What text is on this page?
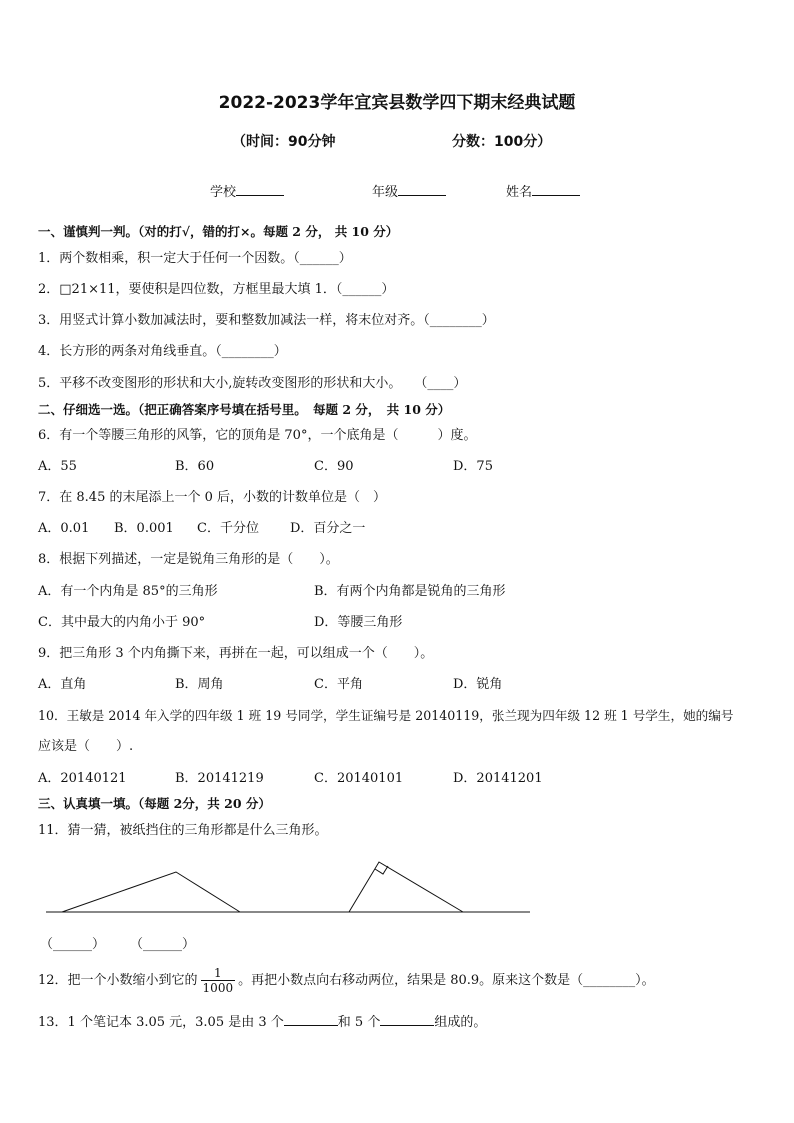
2022-2023学年宜宾县数学四下期末经典试题
（时间：90分钟	分数：100分）
学校	年级	姓名
一、谨慎判一判。（对的打√，错的打×。每题 2 分， 共 10 分）
1．两个数相乘，积一定大于任何一个因数。（______）
2．□21×11，要使积是四位数，方框里最大填 1．（______）
3．用竖式计算小数加减法时，要和整数加减法一样，将末位对齐。（________）
4．长方形的两条对角线垂直。（________）
5．平移不改变图形的形状和大小,旋转改变图形的形状和大小。　　（____）
二、仔细选一选。（把正确答案序号填在括号里。　每题 2 分，　共 10 分）
6．有一个等腰三角形的风筝，它的顶角是 70°，一个底角是（　　　）度。
A．55	B．60	C．90	D．75
7．在 8.45 的末尾添上一个 0 后，小数的计数单位是（　）
A．0.01 B．0.001 C．千分位 D．百分之一
8．根据下列描述，一定是锐角三角形的是（　　）。
A．有一个内角是 85°的三角形	B．有两个内角都是锐角的三角形
C．其中最大的内角小于 90°	D．等腰三角形
9．把三角形 3 个内角撕下来，再拼在一起，可以组成一个（　　）。
A．直角	B．周角	C．平角	D．锐角
10．王敏是 2014 年入学的四年级 1 班 19 号同学，学生证编号是 20140119，张兰现为四年级 12 班 1 号学生，她的编号
应该是（　　）.
A．20140121	B．20141219	C．20140101	D．20141201
三、认真填一填。（每题 2分，共 20 分）
11．猜一猜，被纸挡住的三角形都是什么三角形。
（______） （______）
12．把一个小数缩小到它的 $\frac{1}{1000}$ 。再把小数点向右移动两位，结果是 80.9。原来这个数是（________）。
13．1 个笔记本 3.05 元，3.05 是由 3 个	和 5 个	组成的。
